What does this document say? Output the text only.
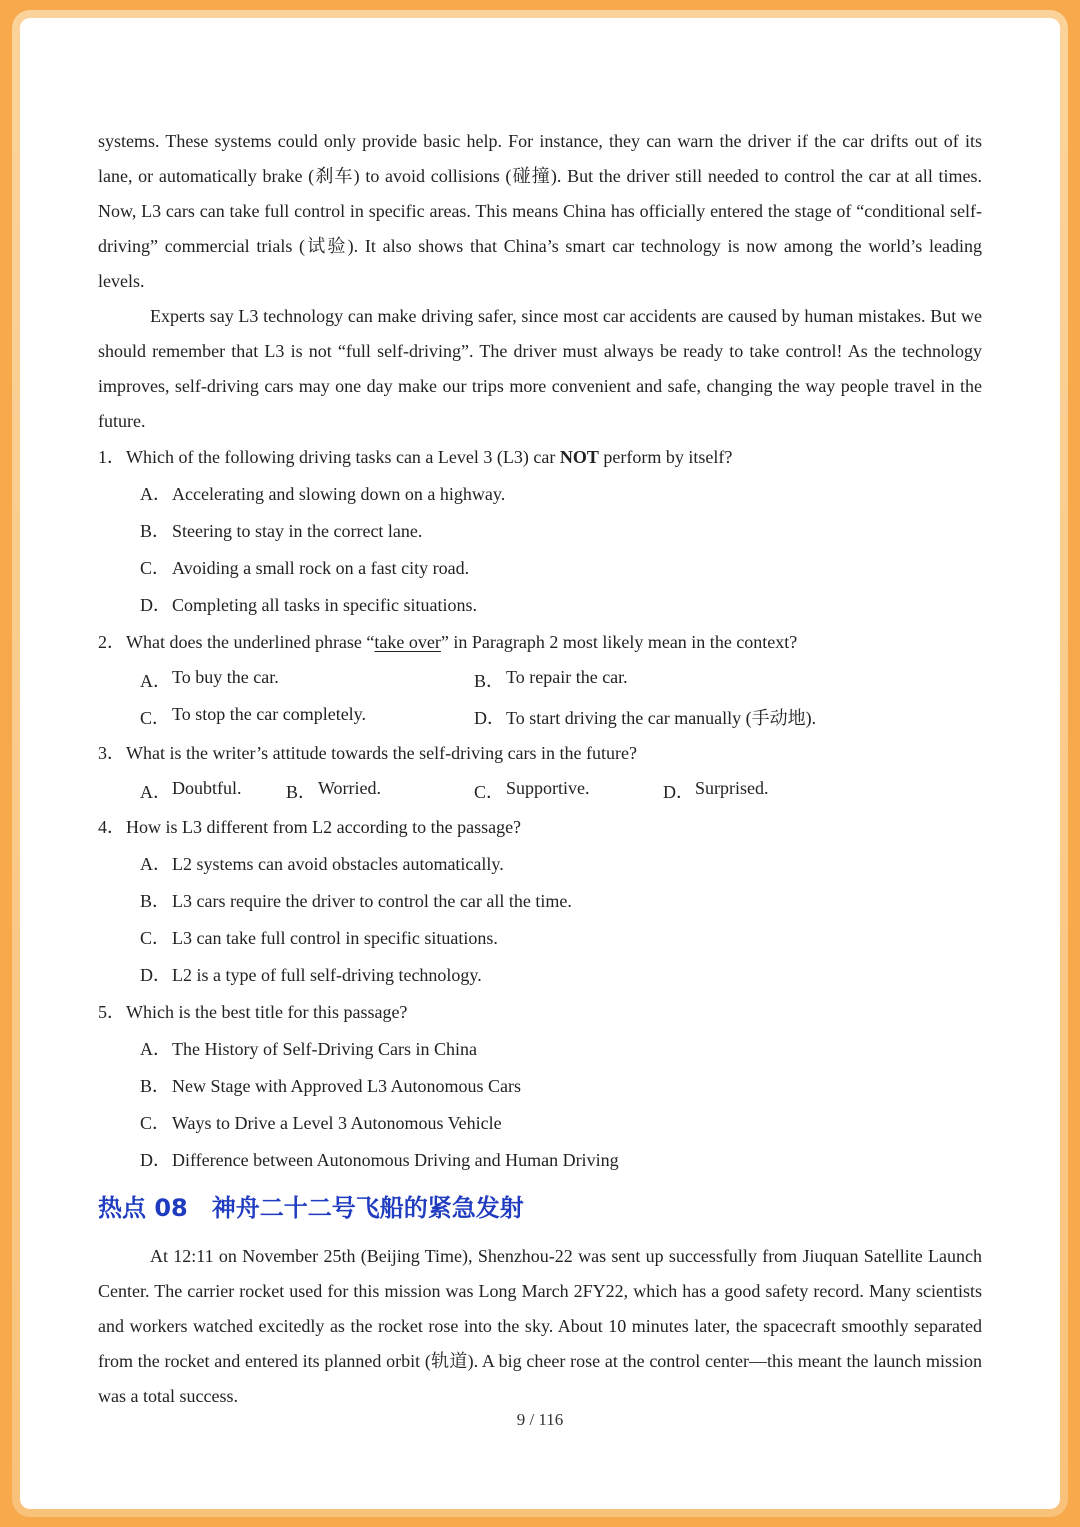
systems. These systems could only provide basic help. For instance, they can warn the driver if the car drifts out of its lane, or automatically brake (刹车) to avoid collisions (碰撞). But the driver still needed to control the car at all times. Now, L3 cars can take full control in specific areas. This means China has officially entered the stage of “conditional self-driving” commercial trials (试验). It also shows that China’s smart car technology is now among the world’s leading levels.

Experts say L3 technology can make driving safer, since most car accidents are caused by human mistakes. But we should remember that L3 is not “full self-driving”. The driver must always be ready to take control! As the technology improves, self-driving cars may one day make our trips more convenient and safe, changing the way people travel in the future.

1． Which of the following driving tasks can a Level 3 (L3) car NOT perform by itself?
A． Accelerating and slowing down on a highway.
B． Steering to stay in the correct lane.
C． Avoiding a small rock on a fast city road.
D． Completing all tasks in specific situations.
2． What does the underlined phrase “take over” in Paragraph 2 most likely mean in the context?
A． To buy the car.	B． To repair the car.
C． To stop the car completely.	D． To start driving the car manually (手动地).
3． What is the writer’s attitude towards the self-driving cars in the future?
A． Doubtful. B． Worried.	C． Supportive.	D． Surprised.
4． How is L3 different from L2 according to the passage?
A． L2 systems can avoid obstacles automatically.
B． L3 cars require the driver to control the car all the time.
C． L3 can take full control in specific situations.
D． L2 is a type of full self-driving technology.
5． Which is the best title for this passage?
A． The History of Self-Driving Cars in China
B． New Stage with Approved L3 Autonomous Cars
C． Ways to Drive a Level 3 Autonomous Vehicle
D． Difference between Autonomous Driving and Human Driving
热点 08 神舟二十二号飞船的紧急发射

At 12:11 on November 25th (Beijing Time), Shenzhou-22 was sent up successfully from Jiuquan Satellite Launch Center. The carrier rocket used for this mission was Long March 2FY22, which has a good safety record. Many scientists and workers watched excitedly as the rocket rose into the sky. About 10 minutes later, the spacecraft smoothly separated from the rocket and entered its planned orbit (轨道). A big cheer rose at the control center—this meant the launch mission was a total success.

9 / 116
